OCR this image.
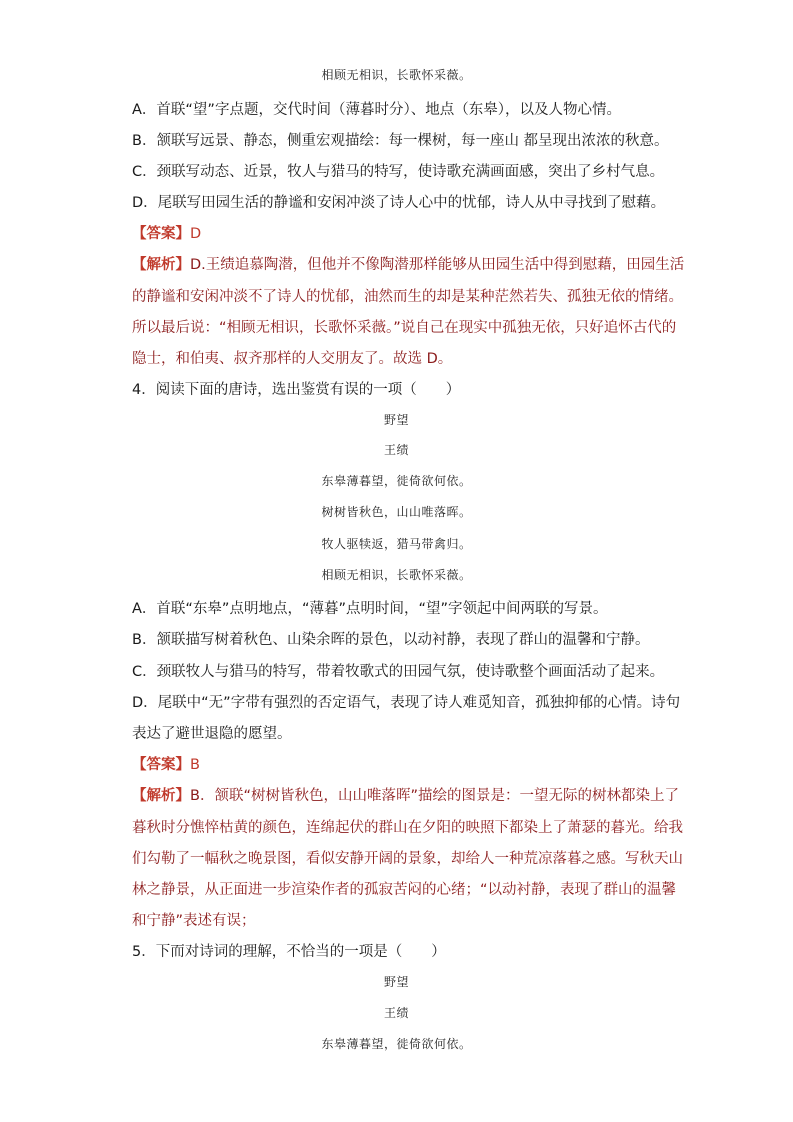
相顾无相识，长歌怀采薇。
A．首联“望”字点题，交代时间（薄暮时分）、地点（东皋），以及人物心情。
B．颔联写远景、静态，侧重宏观描绘：每一棵树，每一座山 都呈现出浓浓的秋意。
C．颈联写动态、近景，牧人与猎马的特写，使诗歌充满画面感，突出了乡村气息。
D．尾联写田园生活的静谧和安闲冲淡了诗人心中的忧郁，诗人从中寻找到了慰藉。
【答案】D
【解析】D.王绩追慕陶潜，但他并不像陶潜那样能够从田园生活中得到慰藉，田园生活
的静谧和安闲冲淡不了诗人的忧郁，油然而生的却是某种茫然若失、孤独无依的情绪。
所以最后说：“相顾无相识，长歌怀采薇。”说自己在现实中孤独无依，只好追怀古代的
隐士，和伯夷、叔齐那样的人交朋友了。故选 D。
4．阅读下面的唐诗，选出鉴赏有误的一项（　　）
野望
王绩
东皋薄暮望，徙倚欲何依。
树树皆秋色，山山唯落晖。
牧人驱犊返，猎马带禽归。
相顾无相识，长歌怀采薇。
A．首联“东皋”点明地点，“薄暮”点明时间，“望”字领起中间两联的写景。
B．颔联描写树着秋色、山染余晖的景色，以动衬静，表现了群山的温馨和宁静。
C．颈联牧人与猎马的特写，带着牧歌式的田园气氛，使诗歌整个画面活动了起来。
D．尾联中“无”字带有强烈的否定语气，表现了诗人难觅知音，孤独抑郁的心情。诗句
表达了避世退隐的愿望。
【答案】B
【解析】B．颔联“树树皆秋色，山山唯落晖”描绘的图景是：一望无际的树林都染上了
暮秋时分憔悴枯黄的颜色，连绵起伏的群山在夕阳的映照下都染上了萧瑟的暮光。给我
们勾勒了一幅秋之晚景图，看似安静开阔的景象，却给人一种荒凉落暮之感。写秋天山
林之静景，从正面进一步渲染作者的孤寂苦闷的心绪；“以动衬静，表现了群山的温馨
和宁静”表述有误；
5．下而对诗词的理解，不恰当的一项是（　　）
野望
王绩
东皋薄暮望，徙倚欲何依。
